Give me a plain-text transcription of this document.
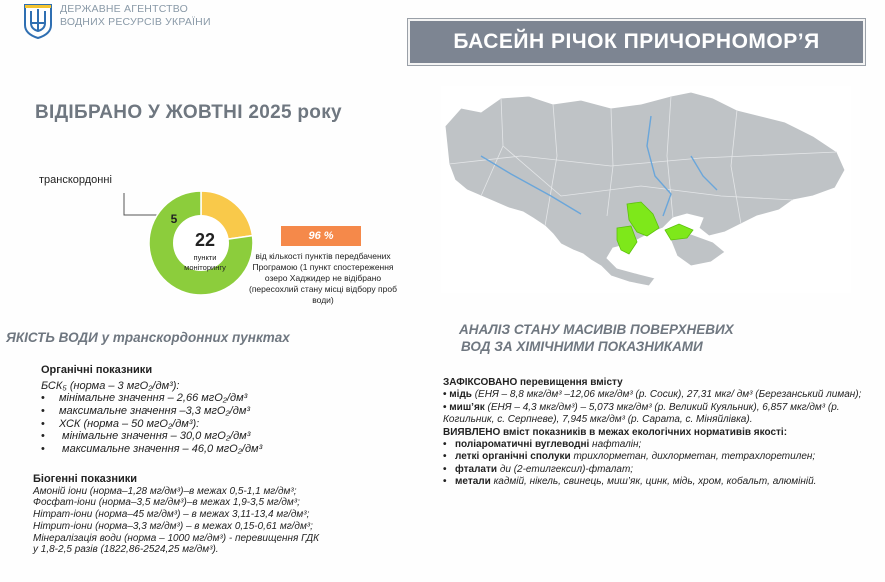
ДЕРЖАВНЕ АГЕНТСТВО
ВОДНИХ РЕСУРСІВ УКРАЇНИ
БАСЕЙН РІЧОК ПРИЧОРНОМОР’Я
ВІДІБРАНО У ЖОВТНІ 2025 року
транскордонні
5
22
пункти
моніторингу
96 %
від кількості пунктів передбачених Програмою (1 пункт спостереження озеро Хаджидер не відібрано (пересохлий стану місці відбору проб води)
ЯКІСТЬ ВОДИ у транскордонних пунктах
Органічні показники
БСК₅ (норма – 3 мгО₂/дм³):
• мінімальне значення – 2,66 мгО₂/дм³
• максимальне значення –3,3 мгО₂/дм³
• ХСК (норма – 50 мгО₂/дм³):
• мінімальне значення – 30,0 мгО₂/дм³
• максимальне значення – 46,0 мгО₂/дм³
Біогенні показники
Амоній іони (норма–1,28 мг/дм³)–в межах 0,5-1,1 мг/дм³;
Фосфат-іони (норма–3,5 мг/дм³)–в межах 1,9-3,5 мг/дм³;
Нітрат-іони (норма–45 мг/дм³) – в межах 3,11-13,4 мг/дм³;
Нітрит-іони (норма–3,3 мг/дм³) – в межах 0,15-0,61 мг/дм³;
Мінералізація води (норма – 1000 мг/дм³) - перевищення ГДК
у 1,8-2,5 разів (1822,86-2524,25 мг/дм³).
АНАЛІЗ СТАНУ МАСИВІВ ПОВЕРХНЕВИХ
ВОД ЗА ХІМІЧНИМИ ПОКАЗНИКАМИ
ЗАФІКСОВАНО перевищення вмісту
• мідь (ЕНЯ – 8,8 мкг/дм³ –12,06 мкг/дм³ (р. Сосик), 27,31 мкг/ дм³ (Березанський лиман);
• миш’як (ЕНЯ – 4,3 мкг/дм³) – 5,073 мкг/дм³ (р. Великий Куяльник), 6,857 мкг/дм³ (р. Когильник, с. Серпневе), 7,945 мкг/дм³ (р. Сарата, с. Міняйлівка).
ВИЯВЛЕНО вміст показників в межах екологічних нормативів якості:
• поліароматичні вуглеводні нафталін;
• леткі органічні сполуки трихлорметан, дихлорметан, тетрахлоретилен;
• фталати ди (2-етилгексил)-фталат;
• метали кадмій, нікель, свинець, миш’як, цинк, мідь, хром, кобальт, алюміній.
